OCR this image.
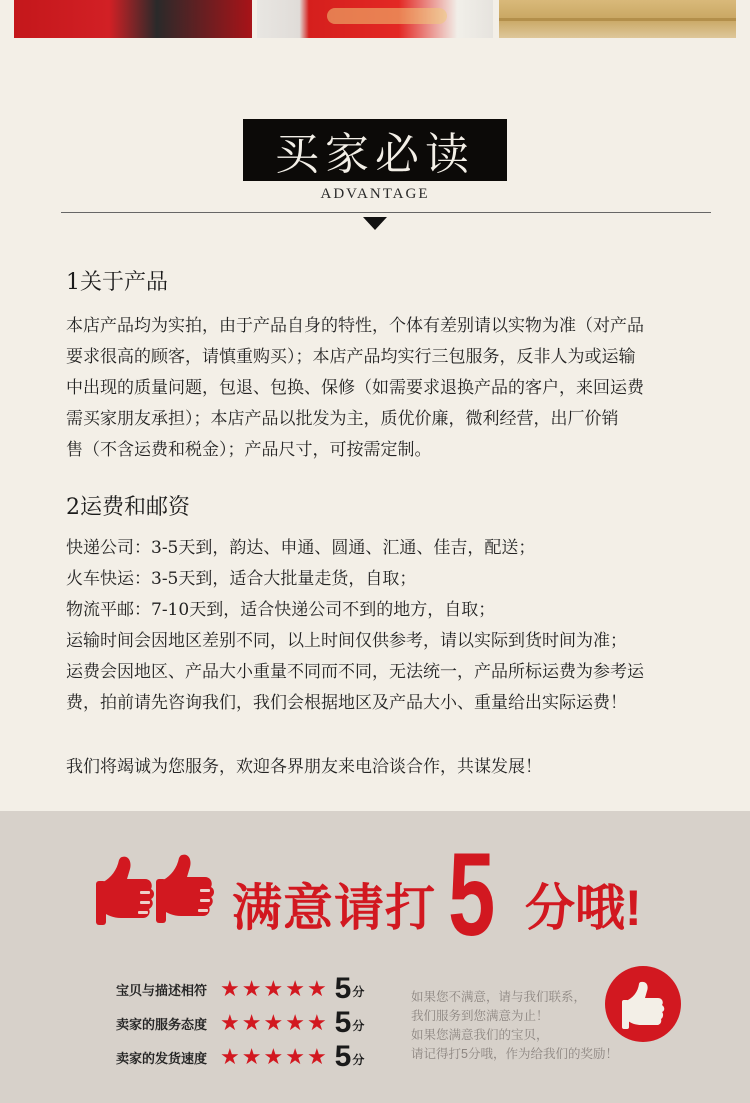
买家必读
ADVANTAGE
1关于产品
本店产品均为实拍，由于产品自身的特性，个体有差别请以实物为准（对产品
要求很高的顾客，请慎重购买）；本店产品均实行三包服务，反非人为或运输
中出现的质量问题，包退、包换、保修（如需要求退换产品的客户，来回运费
需买家朋友承担）；本店产品以批发为主，质优价廉，微利经营，出厂价销
售（不含运费和税金）；产品尺寸，可按需定制。
2运费和邮资
快递公司：3-5天到，韵达、申通、圆通、汇通、佳吉，配送；
火车快运：3-5天到，适合大批量走货，自取；
物流平邮：7-10天到，适合快递公司不到的地方，自取；
运输时间会因地区差别不同，以上时间仅供参考，请以实际到货时间为准；
运费会因地区、产品大小重量不同而不同，无法统一，产品所标运费为参考运
费，拍前请先咨询我们，我们会根据地区及产品大小、重量给出实际运费！
我们将竭诚为您服务，欢迎各界朋友来电洽谈合作，共谋发展！
满意请打 5 分哦!
宝贝与描述相符 ★ ★ ★ ★ ★ 5 分
卖家的服务态度 ★ ★ ★ ★ ★ 5 分
卖家的发货速度 ★ ★ ★ ★ ★ 5 分
如果您不满意，请与我们联系，
我们服务到您满意为止！
如果您满意我们的宝贝，
请记得打5分哦，作为给我们的奖励！
